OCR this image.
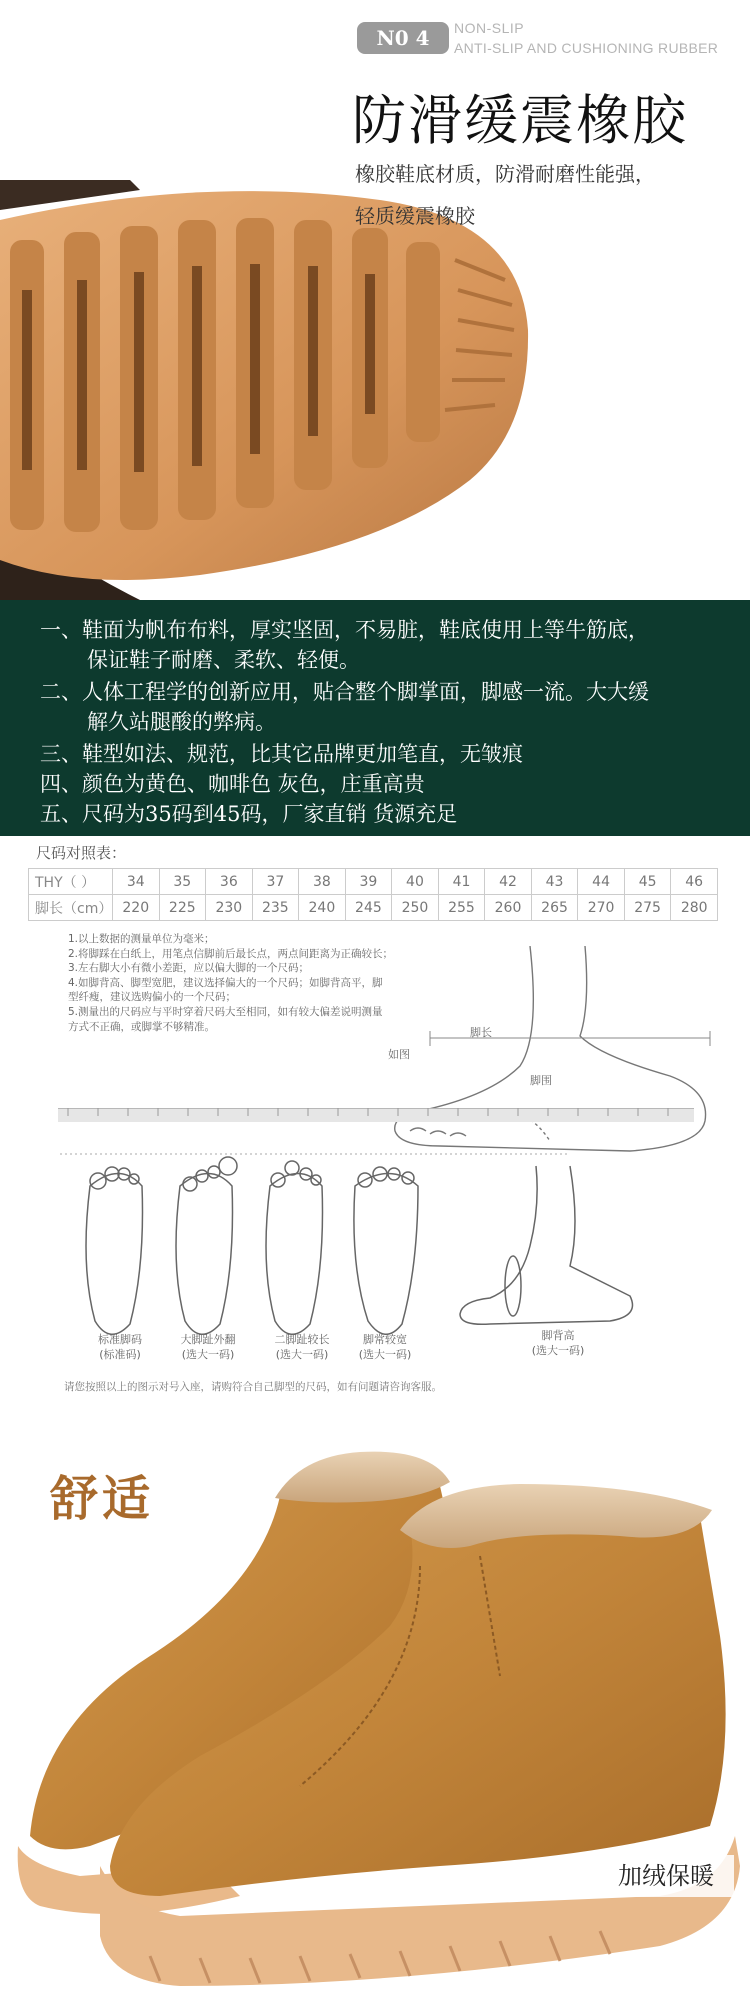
N0 4	NON-SLIP
ANTI-SLIP AND CUSHIONING RUBBER
防滑缓震橡胶
橡胶鞋底材质，防滑耐磨性能强，
轻质缓震橡胶
一、鞋面为帆布布料，厚实坚固，不易脏，鞋底使用上等牛筋底，
保证鞋子耐磨、柔软、轻便。
二、人体工程学的创新应用，贴合整个脚掌面，脚感一流。大大缓
解久站腿酸的弊病。
三、鞋型如法、规范，比其它品牌更加笔直，无皱痕
四、颜色为黄色、咖啡色 灰色，庄重高贵
五、尺码为35码到45码，厂家直销 货源充足
尺码对照表：
THY（ ）	34	35	36	37	38	39	40	41	42	43	44	45	46
脚长（cm）	220	225	230	235	240	245	250	255	260	265	270	275	280
1.以上数据的测量单位为毫米；
2.将脚踩在白纸上，用笔点信脚前后最长点，两点间距离为正确较长；
3.左右脚大小有微小差距，应以偏大脚的一个尺码；
4.如脚背高、脚型宽肥，建议选择偏大的一个尺码；如脚背高平，脚
型纤瘦，建议选购偏小的一个尺码；
5.测量出的尺码应与平时穿着尺码大至相同，如有较大偏差说明测量
方式不正确，或脚掌不够精准。	脚长
脚围
如图
标准脚码
(标准码)
大脚趾外翻
(选大一码)
二脚趾较长
(选大一码)
脚常较宽
(选大一码)
脚背高
(选大一码)
请您按照以上的图示对号入座，请购符合自己脚型的尺码，如有问题请咨询客服。
舒适
加绒保暖
